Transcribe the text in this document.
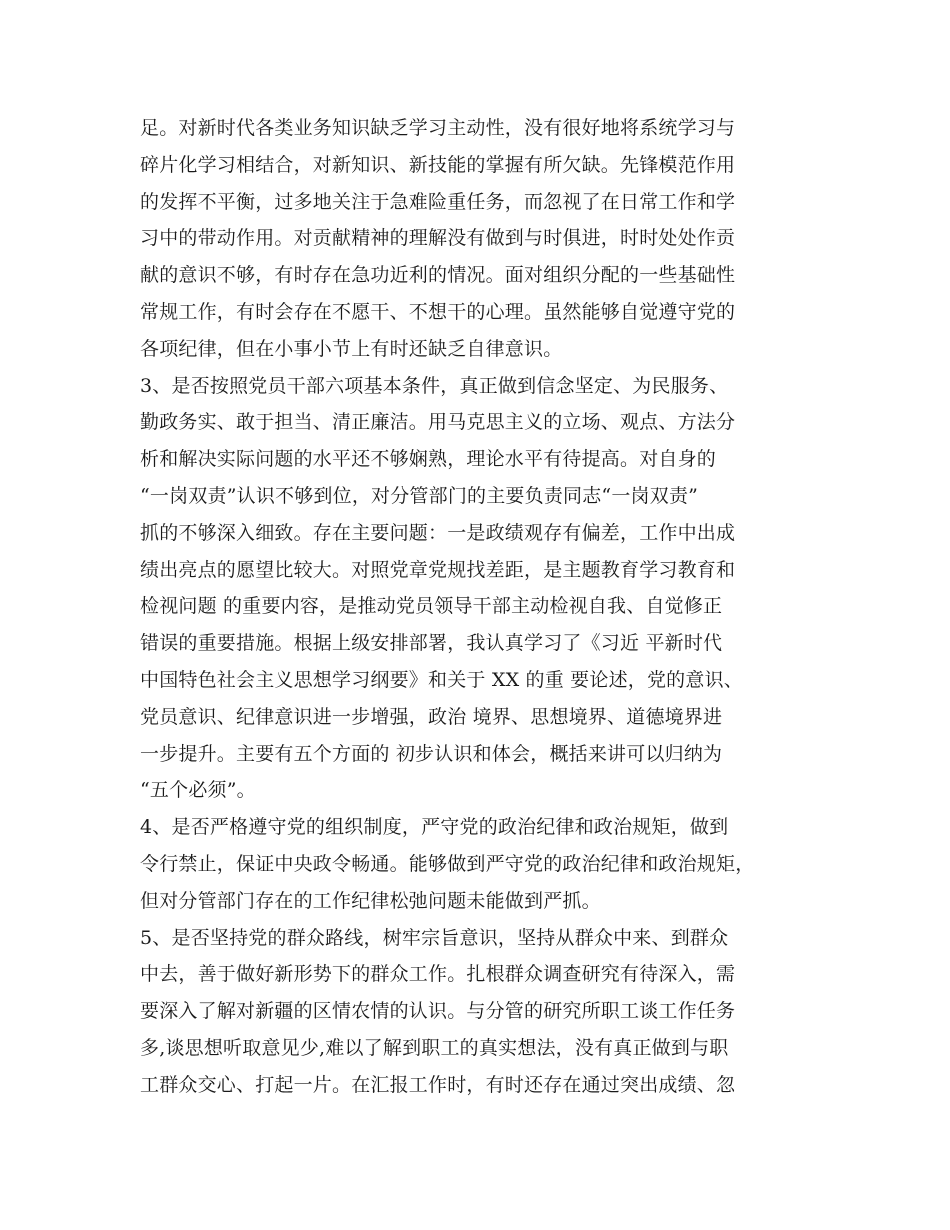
足。对新时代各类业务知识缺乏学习主动性，没有很好地将系统学习与
碎片化学习相结合，对新知识、新技能的掌握有所欠缺。先锋模范作用
的发挥不平衡，过多地关注于急难险重任务，而忽视了在日常工作和学
习中的带动作用。对贡献精神的理解没有做到与时俱进，时时处处作贡
献的意识不够，有时存在急功近利的情况。面对组织分配的一些基础性
常规工作，有时会存在不愿干、不想干的心理。虽然能够自觉遵守党的
各项纪律，但在小事小节上有时还缺乏自律意识。
3、是否按照党员干部六项基本条件，真正做到信念坚定、为民服务、
勤政务实、敢于担当、清正廉洁。用马克思主义的立场、观点、方法分
析和解决实际问题的水平还不够娴熟，理论水平有待提高。对自身的
“一岗双责”认识不够到位，对分管部门的主要负责同志“一岗双责”
抓的不够深入细致。存在主要问题：一是政绩观存有偏差，工作中出成
绩出亮点的愿望比较大。对照党章党规找差距，是主题教育学习教育和
检视问题 的重要内容，是推动党员领导干部主动检视自我、自觉修正
错误的重要措施。根据上级安排部署，我认真学习了《习近 平新时代
中国特色社会主义思想学习纲要》和关于 XX 的重 要论述，党的意识、
党员意识、纪律意识进一步增强，政治 境界、思想境界、道德境界进
一步提升。主要有五个方面的 初步认识和体会，概括来讲可以归纳为
“五个必须”。
4、是否严格遵守党的组织制度，严守党的政治纪律和政治规矩，做到
令行禁止，保证中央政令畅通。能够做到严守党的政治纪律和政治规矩，
但对分管部门存在的工作纪律松弛问题未能做到严抓。
5、是否坚持党的群众路线，树牢宗旨意识，坚持从群众中来、到群众
中去，善于做好新形势下的群众工作。扎根群众调查研究有待深入，需
要深入了解对新疆的区情农情的认识。与分管的研究所职工谈工作任务
多,谈思想听取意见少,难以了解到职工的真实想法，没有真正做到与职
工群众交心、打起一片。在汇报工作时，有时还存在通过突出成绩、忽
